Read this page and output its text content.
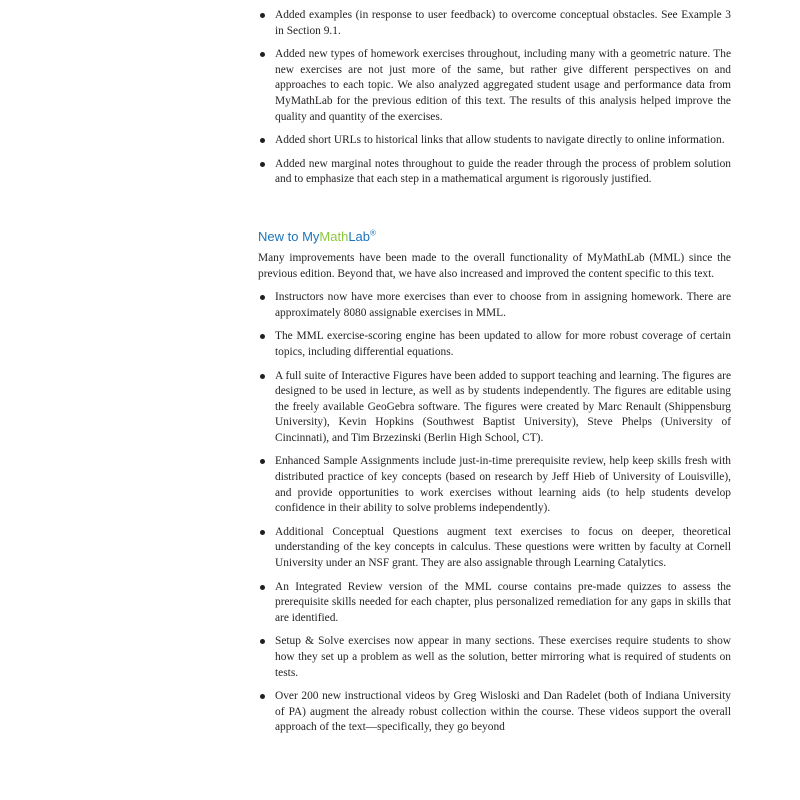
Added examples (in response to user feedback) to overcome conceptual obstacles. See Example 3 in Section 9.1.
Added new types of homework exercises throughout, including many with a geometric nature. The new exercises are not just more of the same, but rather give different perspectives on and approaches to each topic. We also analyzed aggregated student usage and performance data from MyMathLab for the previous edition of this text. The results of this analysis helped improve the quality and quantity of the exercises.
Added short URLs to historical links that allow students to navigate directly to online information.
Added new marginal notes throughout to guide the reader through the process of problem solution and to emphasize that each step in a mathematical argument is rigorously justified.
New to MyMathLab®

Many improvements have been made to the overall functionality of MyMathLab (MML) since the previous edition. Beyond that, we have also increased and improved the content specific to this text.

Instructors now have more exercises than ever to choose from in assigning homework. There are approximately 8080 assignable exercises in MML.
The MML exercise-scoring engine has been updated to allow for more robust coverage of certain topics, including differential equations.
A full suite of Interactive Figures have been added to support teaching and learning. The figures are designed to be used in lecture, as well as by students independently. The figures are editable using the freely available GeoGebra software. The figures were created by Marc Renault (Shippensburg University), Kevin Hopkins (Southwest Baptist University), Steve Phelps (University of Cincinnati), and Tim Brzezinski (Berlin High School, CT).
Enhanced Sample Assignments include just-in-time prerequisite review, help keep skills fresh with distributed practice of key concepts (based on research by Jeff Hieb of University of Louisville), and provide opportunities to work exercises without learning aids (to help students develop confidence in their ability to solve problems independently).
Additional Conceptual Questions augment text exercises to focus on deeper, theoretical understanding of the key concepts in calculus. These questions were written by faculty at Cornell University under an NSF grant. They are also assignable through Learning Catalytics.
An Integrated Review version of the MML course contains pre-made quizzes to assess the prerequisite skills needed for each chapter, plus personalized remediation for any gaps in skills that are identified.
Setup & Solve exercises now appear in many sections. These exercises require students to show how they set up a problem as well as the solution, better mirroring what is required of students on tests.
Over 200 new instructional videos by Greg Wisloski and Dan Radelet (both of Indiana University of PA) augment the already robust collection within the course. These videos support the overall approach of the text—specifically, they go beyond
